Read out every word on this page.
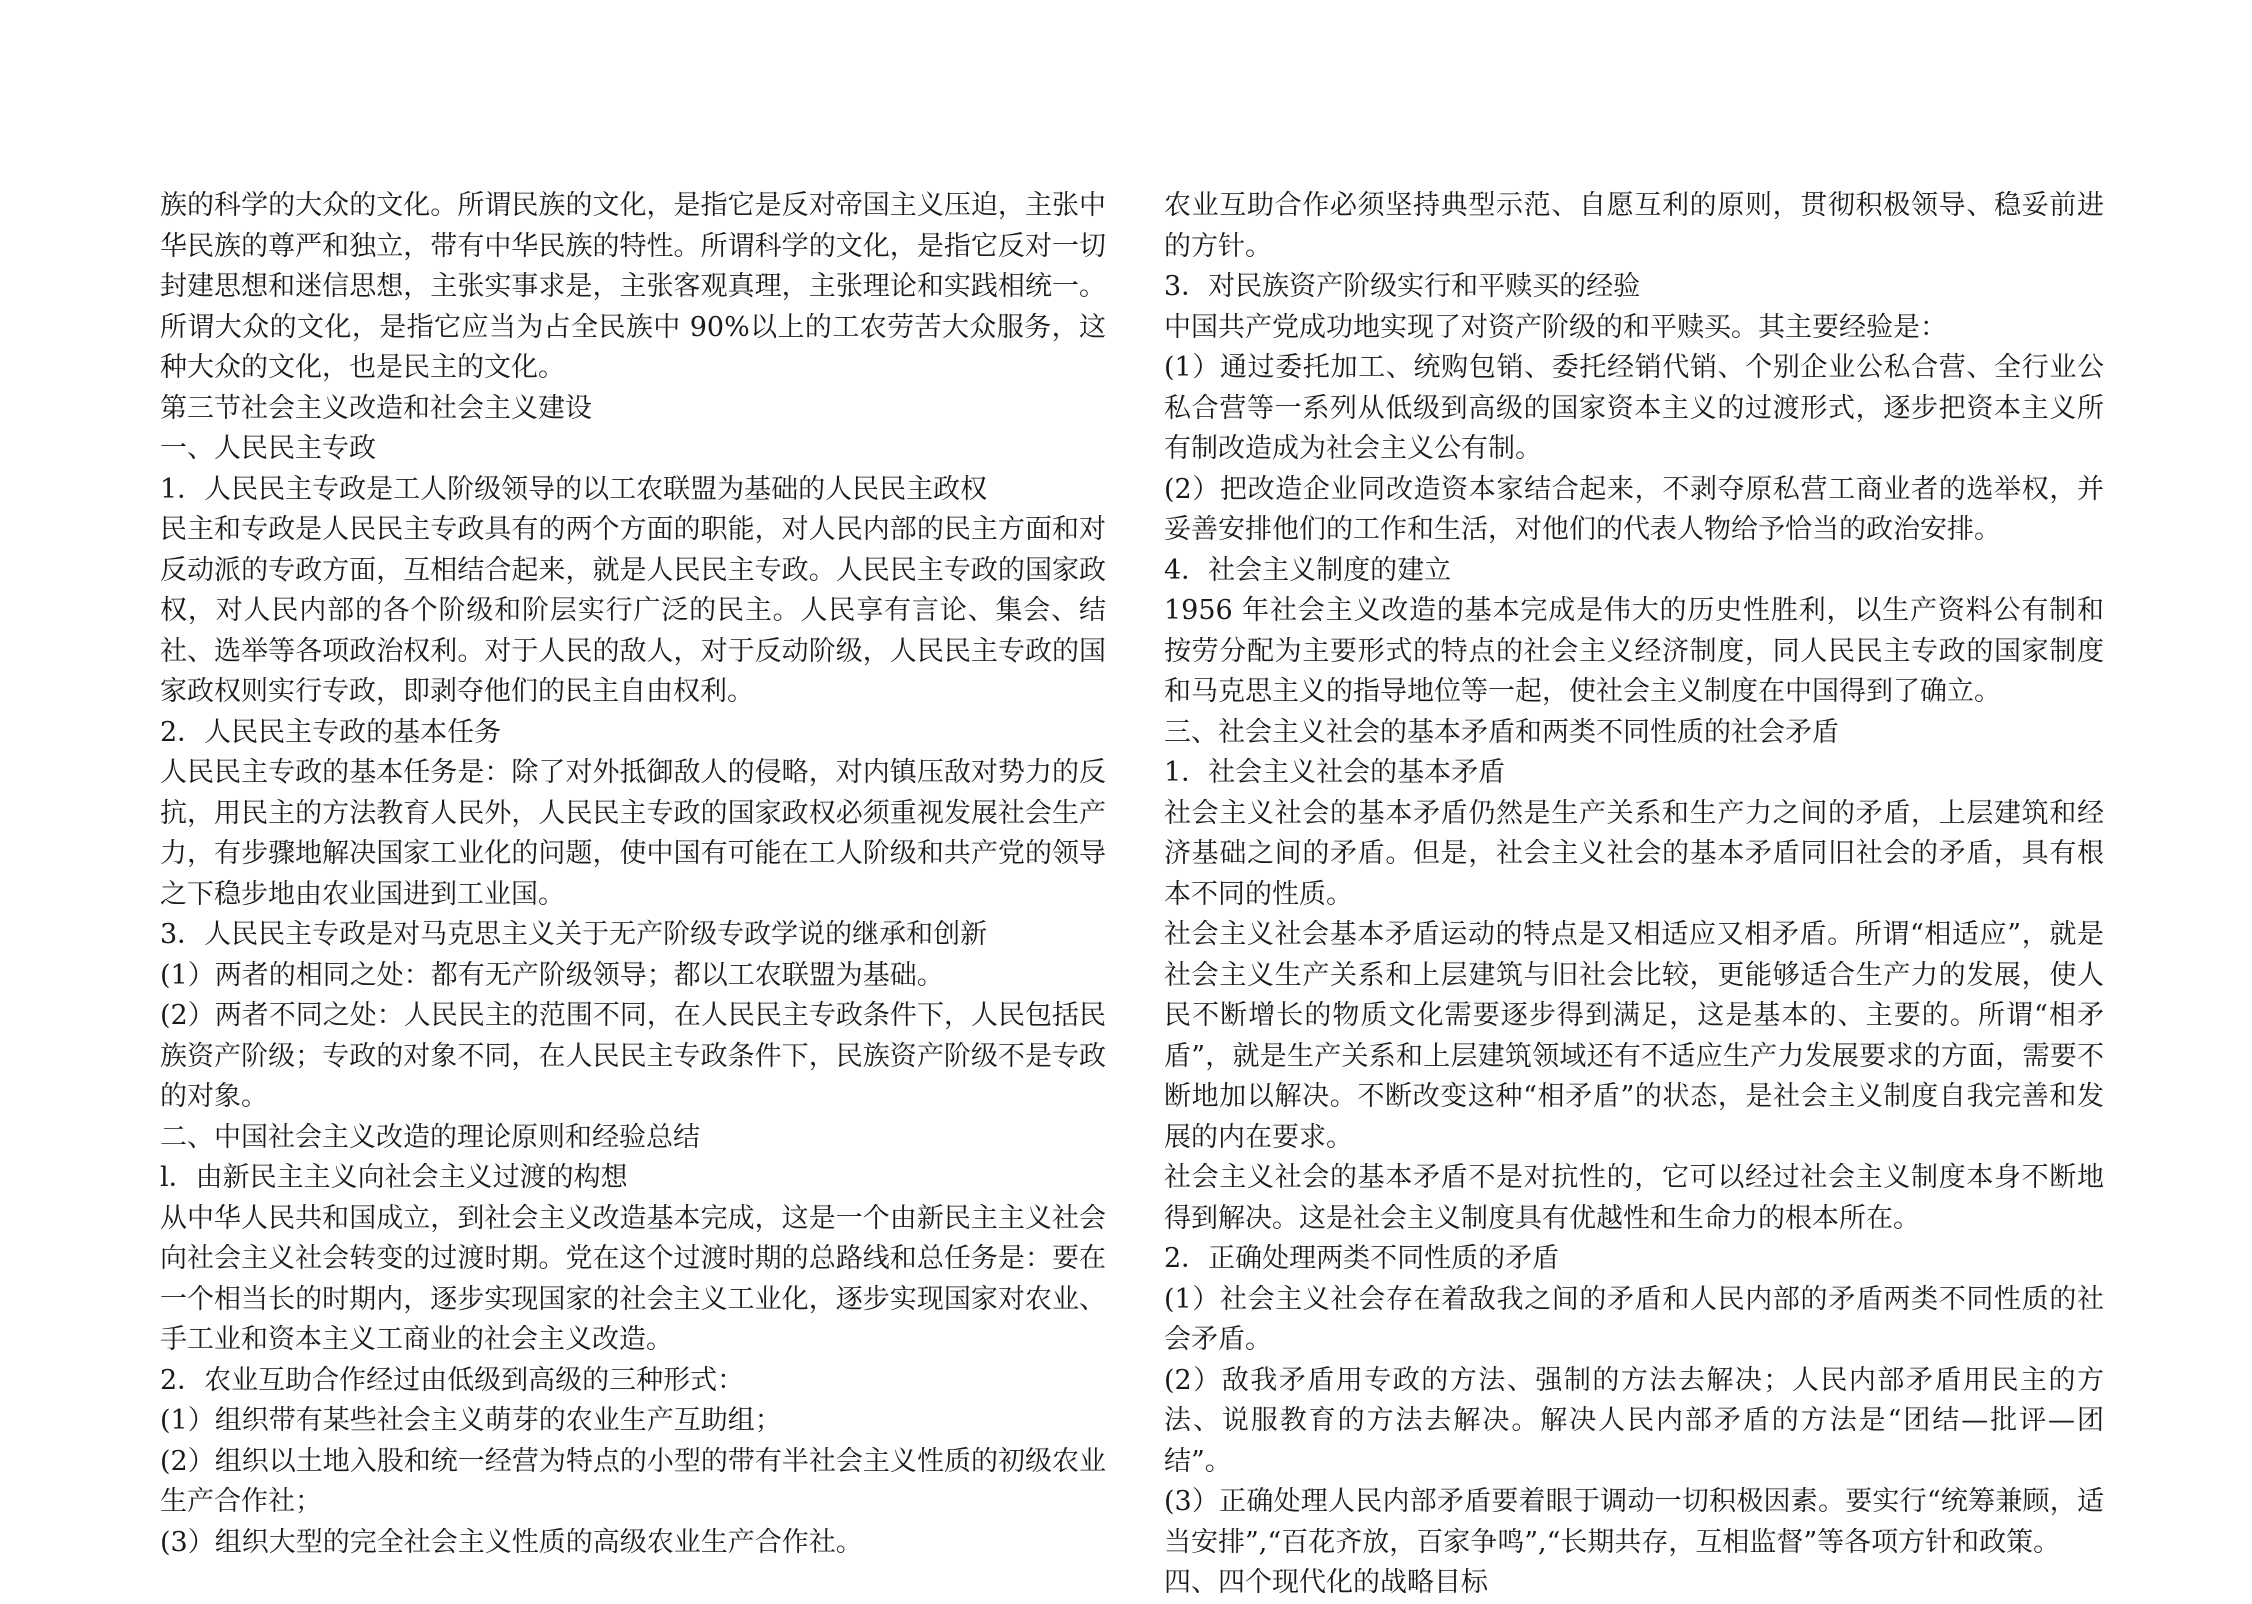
族的科学的大众的文化。所谓民族的文化，是指它是反对帝国主义压迫，主张中华民族的尊严和独立，带有中华民族的特性。所谓科学的文化，是指它反对一切封建思想和迷信思想，主张实事求是，主张客观真理，主张理论和实践相统一。所谓大众的文化，是指它应当为占全民族中 90%以上的工农劳苦大众服务，这种大众的文化，也是民主的文化。

第三节社会主义改造和社会主义建设

一、人民民主专政

1．人民民主专政是工人阶级领导的以工农联盟为基础的人民民主政权

民主和专政是人民民主专政具有的两个方面的职能，对人民内部的民主方面和对反动派的专政方面，互相结合起来，就是人民民主专政。人民民主专政的国家政权，对人民内部的各个阶级和阶层实行广泛的民主。人民享有言论、集会、结社、选举等各项政治权利。对于人民的敌人，对于反动阶级，人民民主专政的国家政权则实行专政，即剥夺他们的民主自由权利。

2．人民民主专政的基本任务

人民民主专政的基本任务是：除了对外抵御敌人的侵略，对内镇压敌对势力的反抗，用民主的方法教育人民外，人民民主专政的国家政权必须重视发展社会生产力，有步骤地解决国家工业化的问题，使中国有可能在工人阶级和共产党的领导之下稳步地由农业国进到工业国。

3．人民民主专政是对马克思主义关于无产阶级专政学说的继承和创新

(1）两者的相同之处：都有无产阶级领导；都以工农联盟为基础。

(2）两者不同之处：人民民主的范围不同，在人民民主专政条件下，人民包括民族资产阶级；专政的对象不同，在人民民主专政条件下，民族资产阶级不是专政的对象。

二、中国社会主义改造的理论原则和经验总结

l．由新民主主义向社会主义过渡的构想

从中华人民共和国成立，到社会主义改造基本完成，这是一个由新民主主义社会向社会主义社会转变的过渡时期。党在这个过渡时期的总路线和总任务是：要在一个相当长的时期内，逐步实现国家的社会主义工业化，逐步实现国家对农业、手工业和资本主义工商业的社会主义改造。

2．农业互助合作经过由低级到高级的三种形式：

(1）组织带有某些社会主义萌芽的农业生产互助组；

(2）组织以土地入股和统一经营为特点的小型的带有半社会主义性质的初级农业生产合作社；

(3）组织大型的完全社会主义性质的高级农业生产合作社。

农业互助合作必须坚持典型示范、自愿互利的原则，贯彻积极领导、稳妥前进的方针。

3．对民族资产阶级实行和平赎买的经验

中国共产党成功地实现了对资产阶级的和平赎买。其主要经验是：

(1）通过委托加工、统购包销、委托经销代销、个别企业公私合营、全行业公私合营等一系列从低级到高级的国家资本主义的过渡形式，逐步把资本主义所有制改造成为社会主义公有制。

(2）把改造企业同改造资本家结合起来，不剥夺原私营工商业者的选举权，并妥善安排他们的工作和生活，对他们的代表人物给予恰当的政治安排。

4．社会主义制度的建立

1956 年社会主义改造的基本完成是伟大的历史性胜利，以生产资料公有制和按劳分配为主要形式的特点的社会主义经济制度，同人民民主专政的国家制度和马克思主义的指导地位等一起，使社会主义制度在中国得到了确立。

三、社会主义社会的基本矛盾和两类不同性质的社会矛盾

1．社会主义社会的基本矛盾

社会主义社会的基本矛盾仍然是生产关系和生产力之间的矛盾，上层建筑和经济基础之间的矛盾。但是，社会主义社会的基本矛盾同旧社会的矛盾，具有根本不同的性质。

社会主义社会基本矛盾运动的特点是又相适应又相矛盾。所谓“相适应”，就是社会主义生产关系和上层建筑与旧社会比较，更能够适合生产力的发展，使人民不断增长的物质文化需要逐步得到满足，这是基本的、主要的。所谓“相矛盾”，就是生产关系和上层建筑领域还有不适应生产力发展要求的方面，需要不断地加以解决。不断改变这种“相矛盾”的状态，是社会主义制度自我完善和发展的内在要求。

社会主义社会的基本矛盾不是对抗性的，它可以经过社会主义制度本身不断地得到解决。这是社会主义制度具有优越性和生命力的根本所在。

2．正确处理两类不同性质的矛盾

(1）社会主义社会存在着敌我之间的矛盾和人民内部的矛盾两类不同性质的社会矛盾。

(2）敌我矛盾用专政的方法、强制的方法去解决；人民内部矛盾用民主的方法、说服教育的方法去解决。解决人民内部矛盾的方法是“团结—批评—团结”。

(3）正确处理人民内部矛盾要着眼于调动一切积极因素。要实行“统筹兼顾，适当安排”,“百花齐放，百家争鸣”,“长期共存，互相监督”等各项方针和政策。

四、四个现代化的战略目标
